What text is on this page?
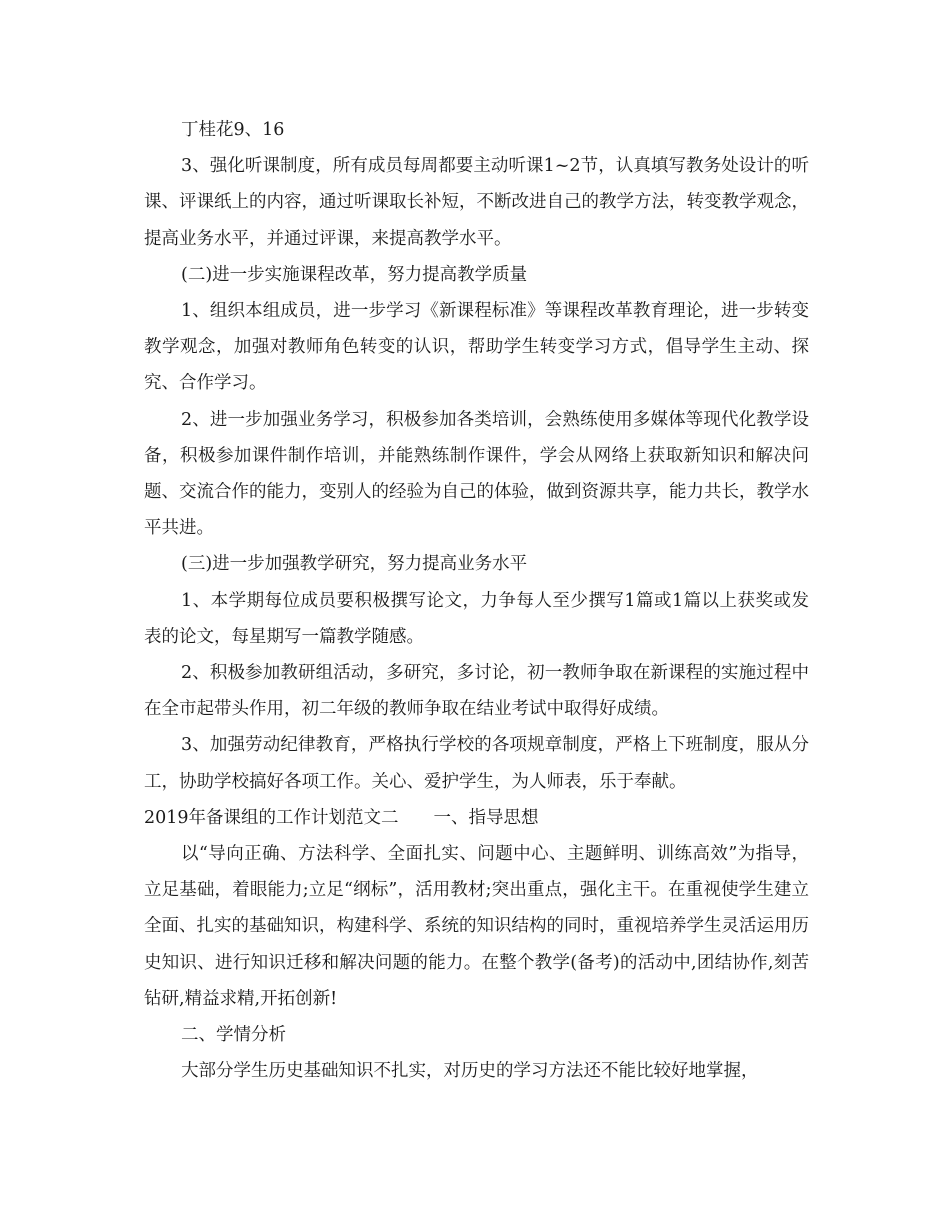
丁桂花9、16

3、强化听课制度，所有成员每周都要主动听课1~2节，认真填写教务处设计的听课、评课纸上的内容，通过听课取长补短，不断改进自己的教学方法，转变教学观念，提高业务水平，并通过评课，来提高教学水平。

(二)进一步实施课程改革，努力提高教学质量

1、组织本组成员，进一步学习《新课程标准》等课程改革教育理论，进一步转变教学观念，加强对教师角色转变的认识，帮助学生转变学习方式，倡导学生主动、探究、合作学习。

2、进一步加强业务学习，积极参加各类培训，会熟练使用多媒体等现代化教学设备，积极参加课件制作培训，并能熟练制作课件，学会从网络上获取新知识和解决问题、交流合作的能力，变别人的经验为自己的体验，做到资源共享，能力共长，教学水平共进。

(三)进一步加强教学研究，努力提高业务水平

1、本学期每位成员要积极撰写论文，力争每人至少撰写1篇或1篇以上获奖或发表的论文，每星期写一篇教学随感。

2、积极参加教研组活动，多研究，多讨论，初一教师争取在新课程的实施过程中在全市起带头作用，初二年级的教师争取在结业考试中取得好成绩。

3、加强劳动纪律教育，严格执行学校的各项规章制度，严格上下班制度，服从分工，协助学校搞好各项工作。关心、爱护学生，为人师表，乐于奉献。

2019年备课组的工作计划范文二　　一、指导思想

以“导向正确、方法科学、全面扎实、问题中心、主题鲜明、训练高效”为指导，立足基础，着眼能力;立足“纲标”，活用教材;突出重点，强化主干。在重视使学生建立全面、扎实的基础知识，构建科学、系统的知识结构的同时，重视培养学生灵活运用历史知识、进行知识迁移和解决问题的能力。在整个教学(备考)的活动中,团结协作,刻苦钻研,精益求精,开拓创新!

二、学情分析

大部分学生历史基础知识不扎实，对历史的学习方法还不能比较好地掌握，
